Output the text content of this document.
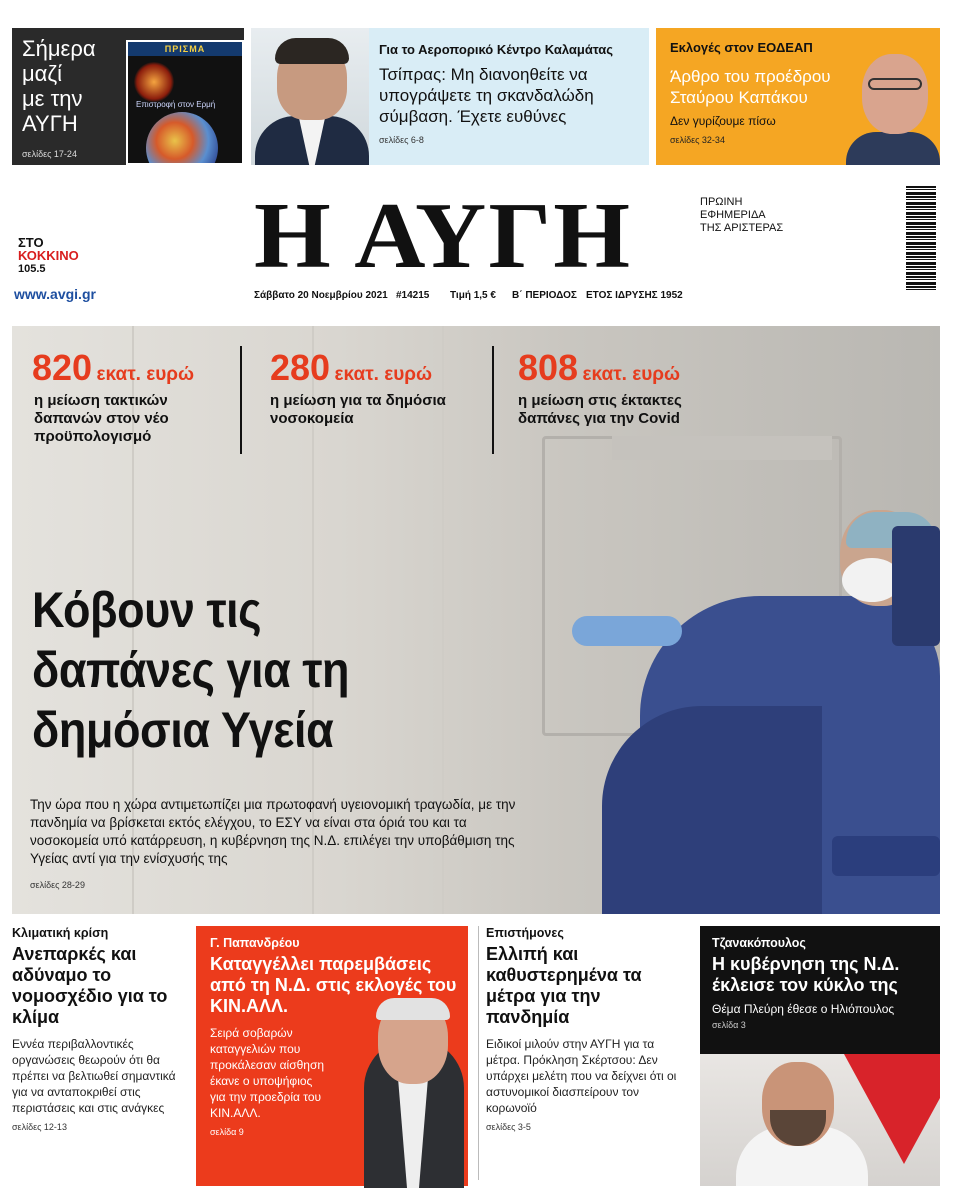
Σήμερα
μαζί
με την
ΑΥΓΗ
σελίδες 17-24
ΠΡΙΣΜΑ
Επιστροφή στον Ερμή
Για το Αεροπορικό Κέντρο Καλαμάτας
Τσίπρας: Μη διανοηθείτε να υπογράψετε τη σκανδαλώδη σύμβαση. Έχετε ευθύνες
σελίδες 6-8
Εκλογές στον ΕΟΔΕΑΠ
Άρθρο του προέδρου Σταύρου Καπάκου
Δεν γυρίζουμε πίσω
σελίδες 32-34
ΣΤΟ
ΚΟΚΚΙΝΟ
105.5
www.avgi.gr
Η ΑΥΓΗ	ΠΡΩΙΝΗ
ΕΦΗΜΕΡΙΔΑ
ΤΗΣ ΑΡΙΣΤΕΡΑΣ
Σάββατο 20 Νοεμβρίου 2021 #14215 Τιμή 1,5 € Β΄ ΠΕΡΙΟΔΟΣ ΕΤΟΣ ΙΔΡΥΣΗΣ 1952
820 εκατ. ευρώ
η μείωση τακτικών
δαπανών στον νέο
προϋπολογισμό
280 εκατ. ευρώ
η μείωση για τα δημόσια
νοσοκομεία
808 εκατ. ευρώ
η μείωση στις έκτακτες
δαπάνες για την Covid
Κόβουν τις
δαπάνες για τη
δημόσια Υγεία
Την ώρα που η χώρα αντιμετωπίζει μια πρωτοφανή υγειονομική τραγωδία, με την πανδημία να βρίσκεται εκτός ελέγχου, το ΕΣΥ να είναι στα όριά του και τα νοσοκομεία υπό κατάρρευση, η κυβέρνηση της Ν.Δ. επιλέγει την υποβάθμιση της Υγείας αντί για την ενίσχυσής της
σελίδες 28-29
Κλιματική κρίση
Ανεπαρκές και αδύναμο το νομοσχέδιο για το κλίμα
Εννέα περιβαλλοντικές οργανώσεις θεωρούν ότι θα πρέπει να βελτιωθεί σημαντικά για να ανταποκριθεί στις περιστάσεις και στις ανάγκες
σελίδες 12-13
Γ. Παπανδρέου
Καταγγέλλει παρεμβάσεις από τη Ν.Δ. στις εκλογές του ΚΙΝ.ΑΛΛ.
Σειρά σοβαρών καταγγελιών που προκάλεσαν αίσθηση έκανε ο υποψήφιος για την προεδρία του ΚΙΝ.ΑΛΛ.
σελίδα 9
Επιστήμονες
Ελλιπή και καθυστερημένα τα μέτρα για την πανδημία
Ειδικοί μιλούν στην ΑΥΓΗ για τα μέτρα. Πρόκληση Σκέρτσου: Δεν υπάρχει μελέτη που να δείχνει ότι οι αστυνομικοί διασπείρουν τον κορωνοϊό
σελίδες 3-5
Τζανακόπουλος
Η κυβέρνηση της Ν.Δ. έκλεισε τον κύκλο της
Θέμα Πλεύρη έθεσε ο Ηλιόπουλος
σελίδα 3
